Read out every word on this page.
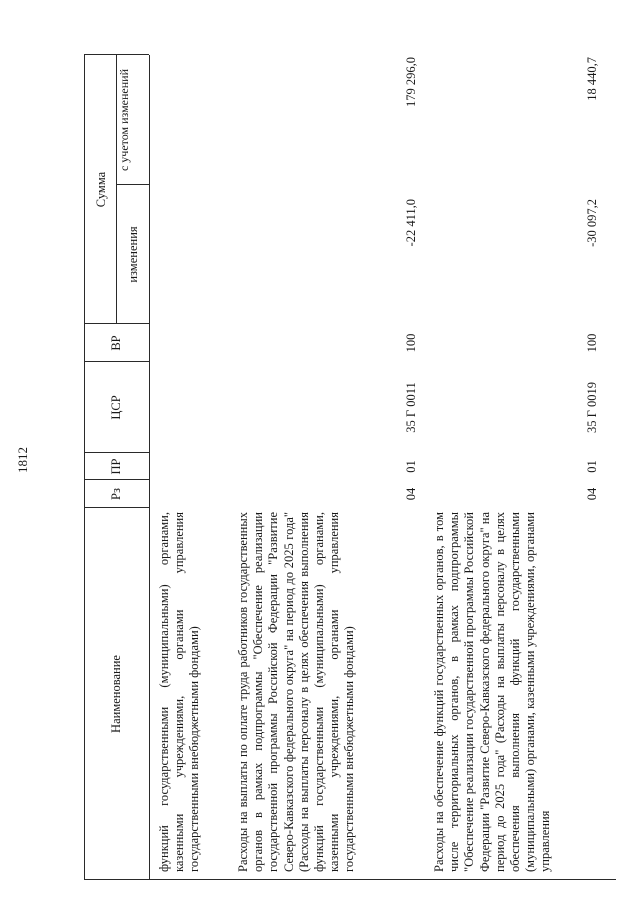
1812
Наименование
Рз
ПР
ЦСР
ВР
Сумма
изменения
с учетом изменений
функций государственными (муниципальными) органами, казенными учреждениями, органами управления государственными внебюджетными фондами)	Расходы на выплаты по оплате труда работников государственных органов в рамках подпрограммы "Обеспечение реализации государственной программы Российской Федерации "Развитие Северо-Кавказского федерального округа" на период до 2025 года" (Расходы на выплаты персоналу в целях обеспечения выполнения функций государственными (муниципальными) органами, казенными учреждениями, органами управления государственными внебюджетными фондами)
04
01
35 Г 0011
100
-22 411,0
179 296,0
Расходы на обеспечение функций государственных органов, в том числе территориальных органов, в рамках подпрограммы "Обеспечение реализации государственной программы Российской Федерации "Развитие Северо-Кавказского федерального округа" на период до 2025 года" (Расходы на выплаты персоналу в целях обеспечения выполнения функций государственными (муниципальными) органами, казенными учреждениями, органами управления
04
01
35 Г 0019
100
-30 097,2
18 440,7
